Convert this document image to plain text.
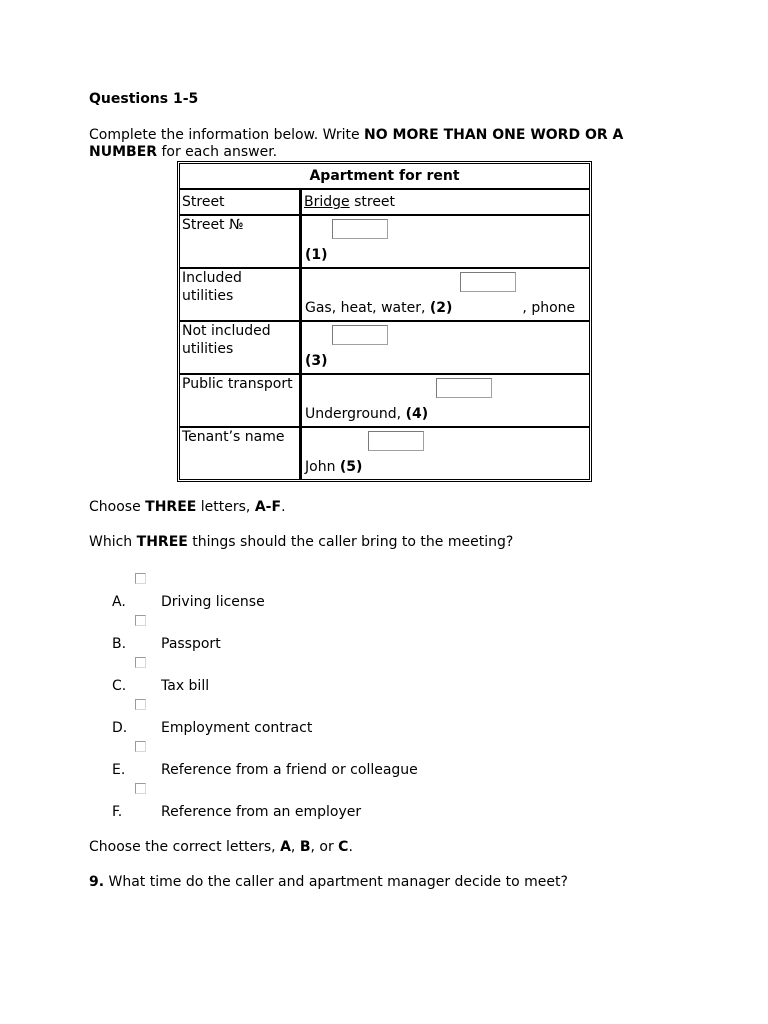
Questions 1-5
Complete the information below. Write NO MORE THAN ONE WORD OR A NUMBER for each answer.
Apartment for rent	
Street	Bridge street
Street №	(1)

Included utilities	Gas, heat, water, (2) , phone

Not included utilities	(3)

Public transport	Underground, (4)

Tenant’s name	John (5)
Choose THREE letters, A-F.
Which THREE things should the caller bring to the meeting?
A.	Driving license
B. Passport
C. Tax bill
D. Employment contract
E.	Reference from a friend or colleague
F.	Reference from an employer
Choose the correct letters, A, B, or C.
9. What time do the caller and apartment manager decide to meet?
